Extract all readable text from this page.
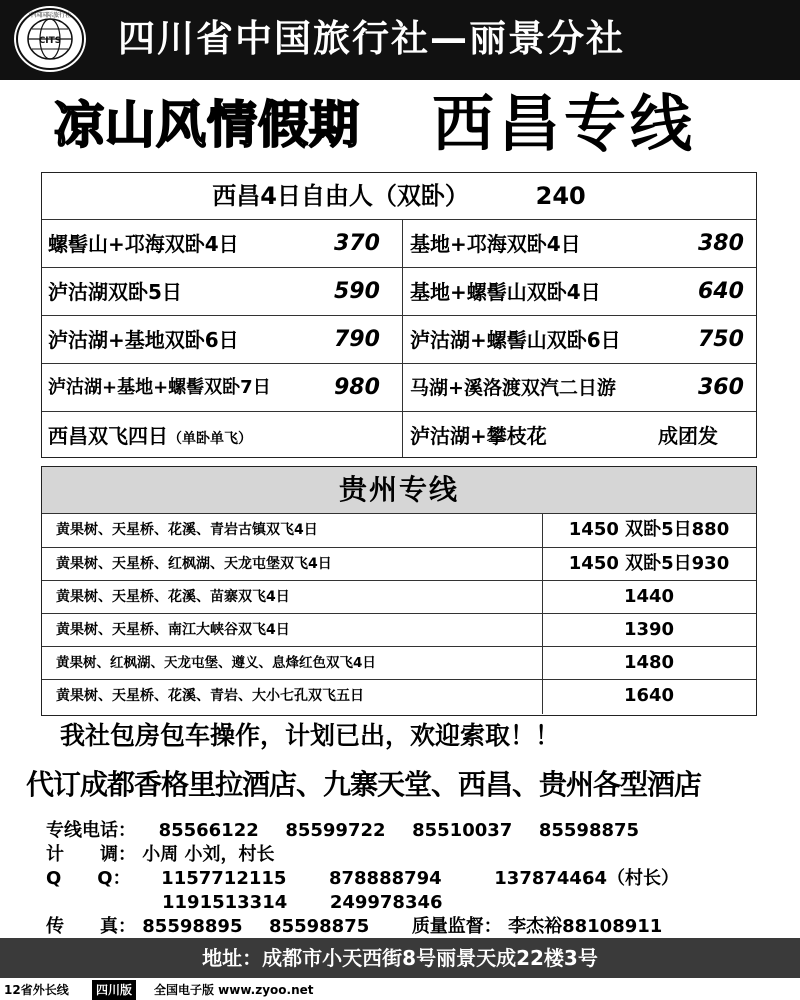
CITS
中国国际旅行社
四川省中国旅行社—丽景分社
凉山风情假期 西昌专线
西昌4日自由人（双卧）	240
螺髻山+邛海双卧4日	370 基地+邛海双卧4日	380
泸沽湖双卧5日	590 基地+螺髻山双卧4日	640
泸沽湖+基地双卧6日	790 泸沽湖+螺髻山双卧6日	750
泸沽湖+基地+螺髻双卧7日	980 马湖+溪洛渡双汽二日游	360
西昌双飞四日（单卧单飞）	泸沽湖+攀枝花	成团发
贵州专线
黄果树、天星桥、花溪、青岩古镇双飞4日	1450 双卧5日880
黄果树、天星桥、红枫湖、天龙屯堡双飞4日	1450 双卧5日930
黄果树、天星桥、花溪、苗寨双飞4日	1440
黄果树、天星桥、南江大峡谷双飞4日	1390
黄果树、红枫湖、天龙屯堡、遵义、息烽红色双飞4日	1480
黄果树、天星桥、花溪、青岩、大小七孔双飞五日	1640
我社包房包车操作，计划已出，欢迎索取！！
代订成都香格里拉酒店、九寨天堂、西昌、贵州各型酒店
专线电话： 85566122 85599722 85510037 85598875
计　　调： 小周 小刘，村长
Q　　Q： 1157712115 878888794	137874464（村长）
1191513314 249978346
传　　真： 85598895 85598875 质量监督： 李杰裕88108911
地址：成都市小天西街8号丽景天成22楼3号
12省外长线	四川版	全国电子版 www.zyoo.net
